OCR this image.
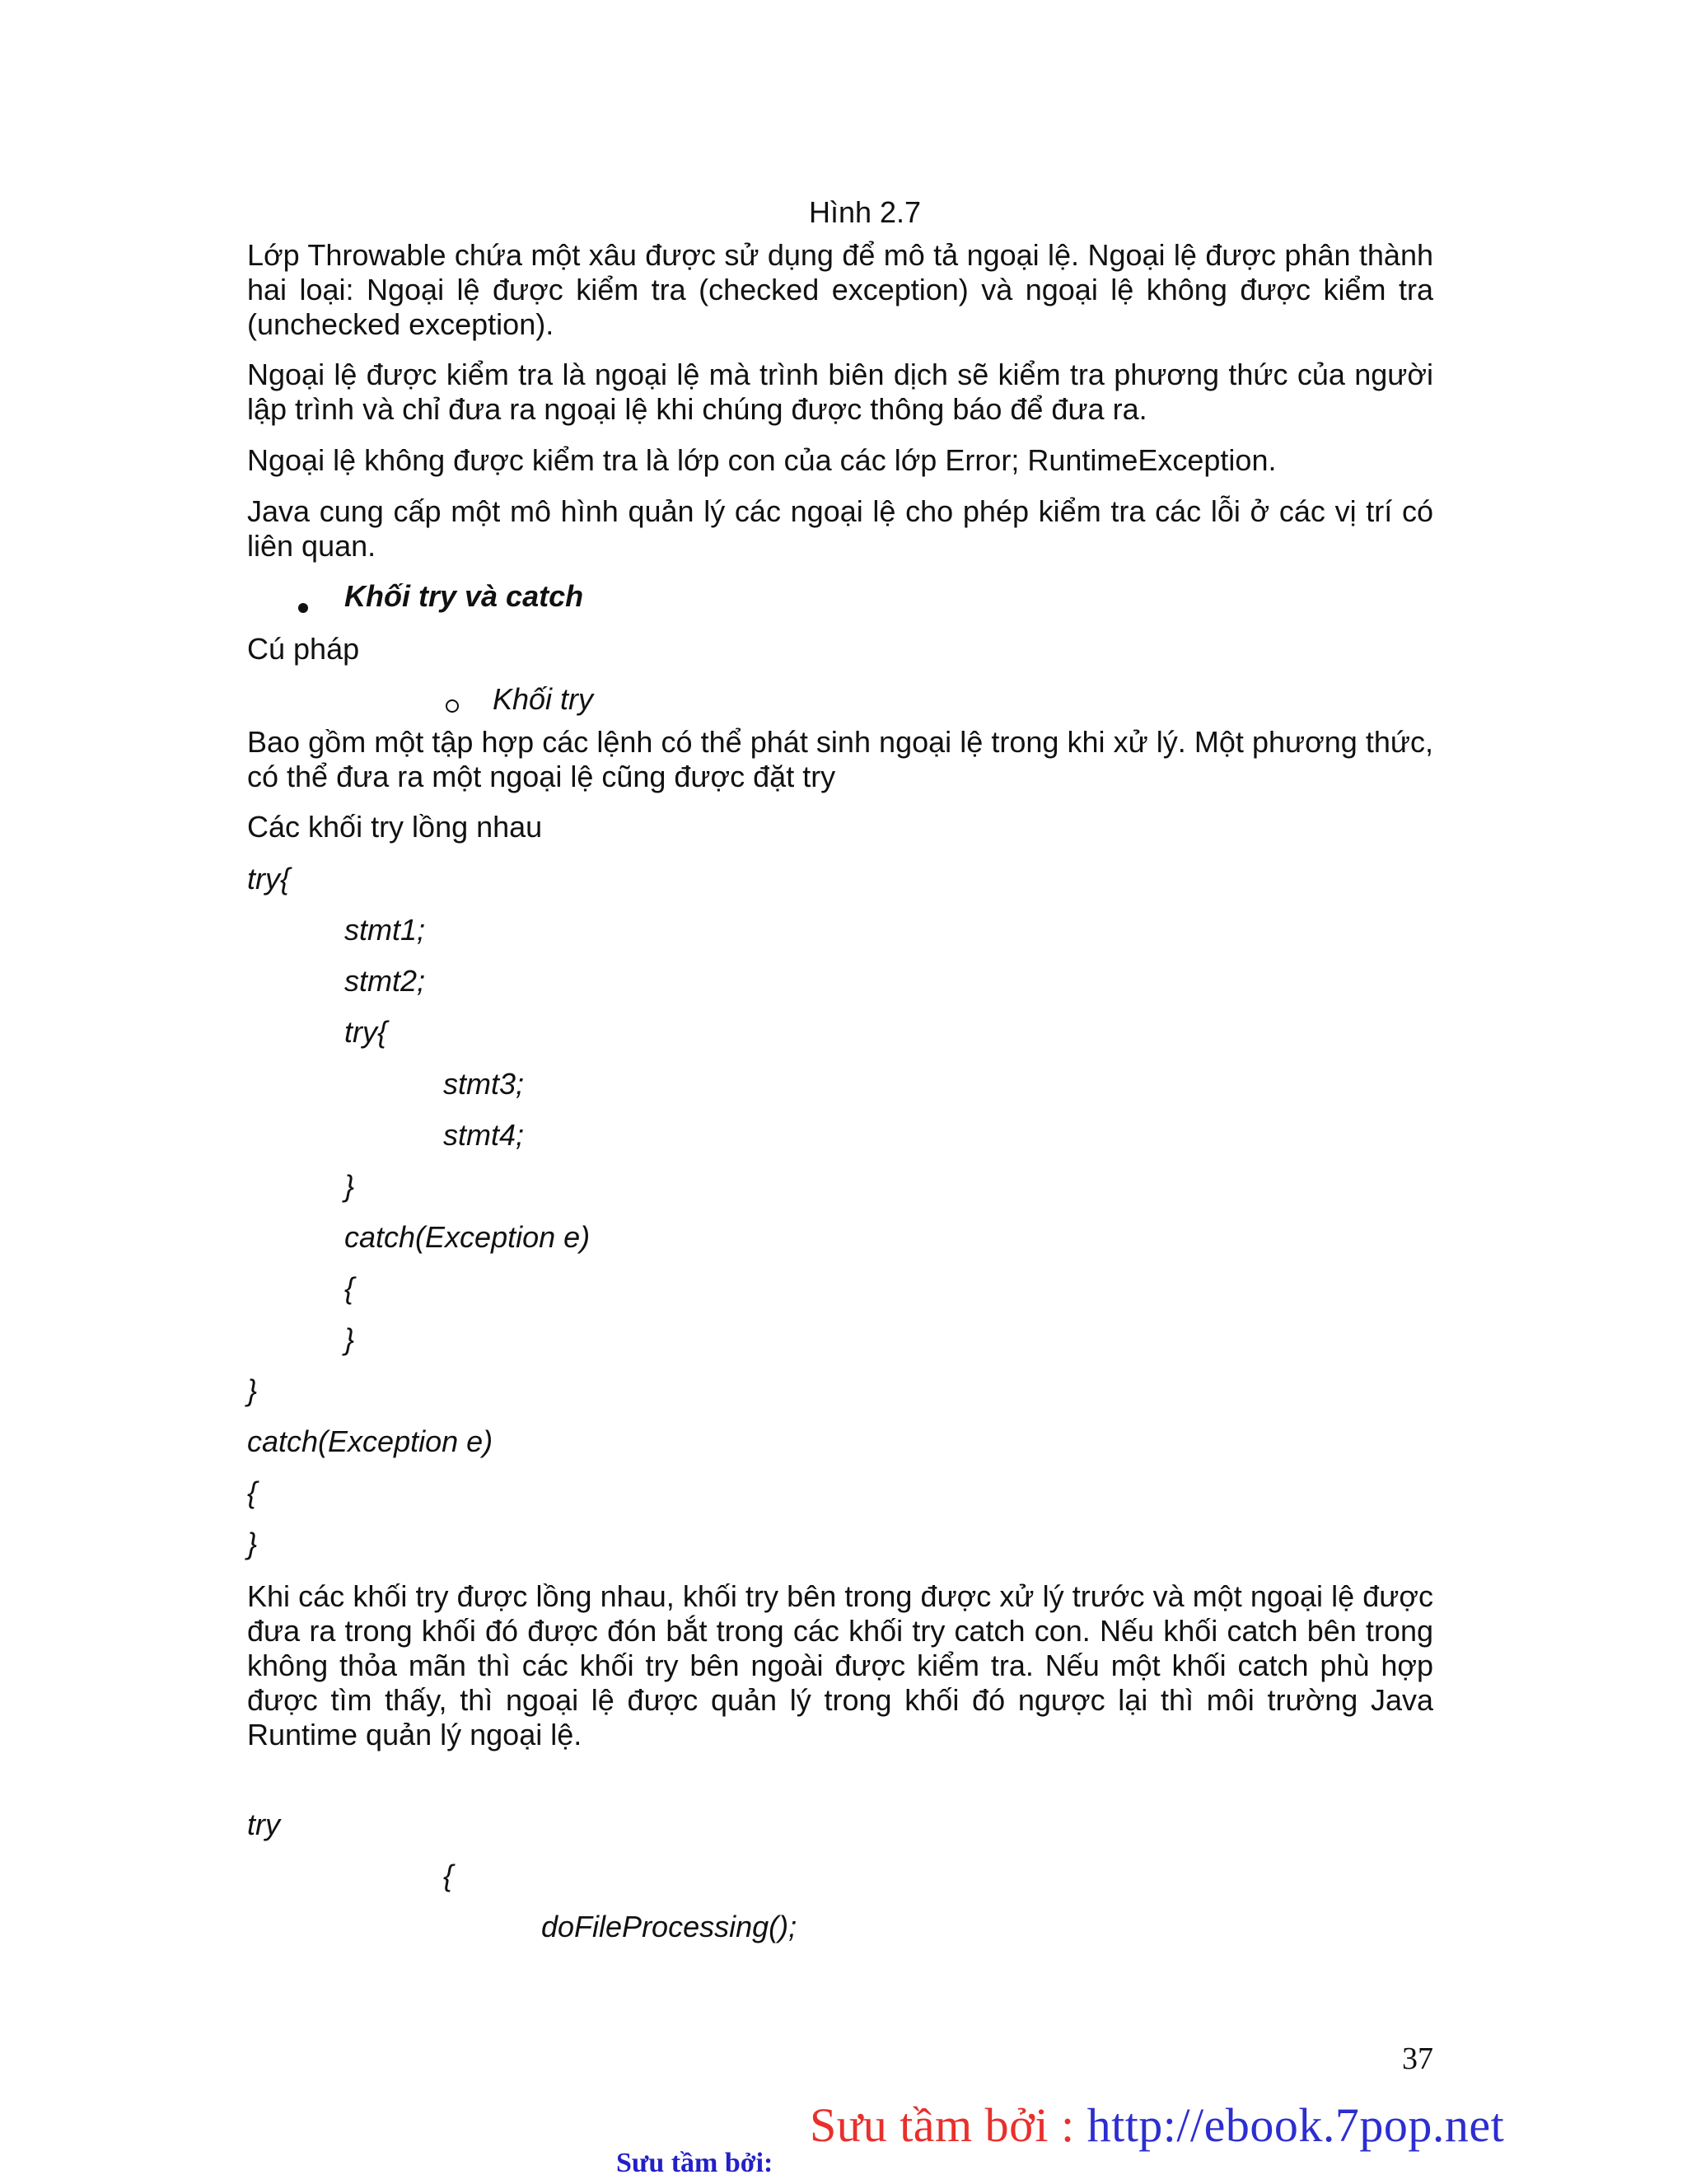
Hình 2.7
Lớp Throwable chứa một xâu được sử dụng để mô tả ngoại lệ. Ngoại lệ được phân thành hai loại: Ngoại lệ được kiểm tra (checked exception) và ngoại lệ không được kiểm tra (unchecked exception).
Ngoại lệ được kiểm tra là ngoại lệ mà trình biên dịch sẽ kiểm tra phương thức của người lập trình và chỉ đưa ra ngoại lệ khi chúng được thông báo để đưa ra.
Ngoại lệ không được kiểm tra là lớp con của các lớp Error; RuntimeException.
Java cung cấp một mô hình quản lý các ngoại lệ cho phép kiểm tra các lỗi ở các vị trí có liên quan.
Khối try và catch
Cú pháp
Khối try
Bao gồm một tập hợp các lệnh có thể phát sinh ngoại lệ trong khi xử lý. Một phương thức, có thể đưa ra một ngoại lệ cũng được đặt try
Các khối try lồng nhau
try{
stmt1;
stmt2;
try{
stmt3;
stmt4;
}
catch(Exception e)
{
}
}
catch(Exception e)
{
}
Khi các khối try được lồng nhau, khối try bên trong được xử lý trước và một ngoại lệ được đưa ra trong khối đó được đón bắt trong các khối try catch con. Nếu khối catch bên trong không thỏa mãn thì các khối try bên ngoài được kiểm tra. Nếu một khối catch phù hợp được tìm thấy, thì ngoại lệ được quản lý trong khối đó ngược lại thì môi trường Java Runtime quản lý ngoại lệ.
try
{
doFileProcessing();
37
Sưu tầm bởi : http://ebook.7pop.net
Sưu tầm bởi:
